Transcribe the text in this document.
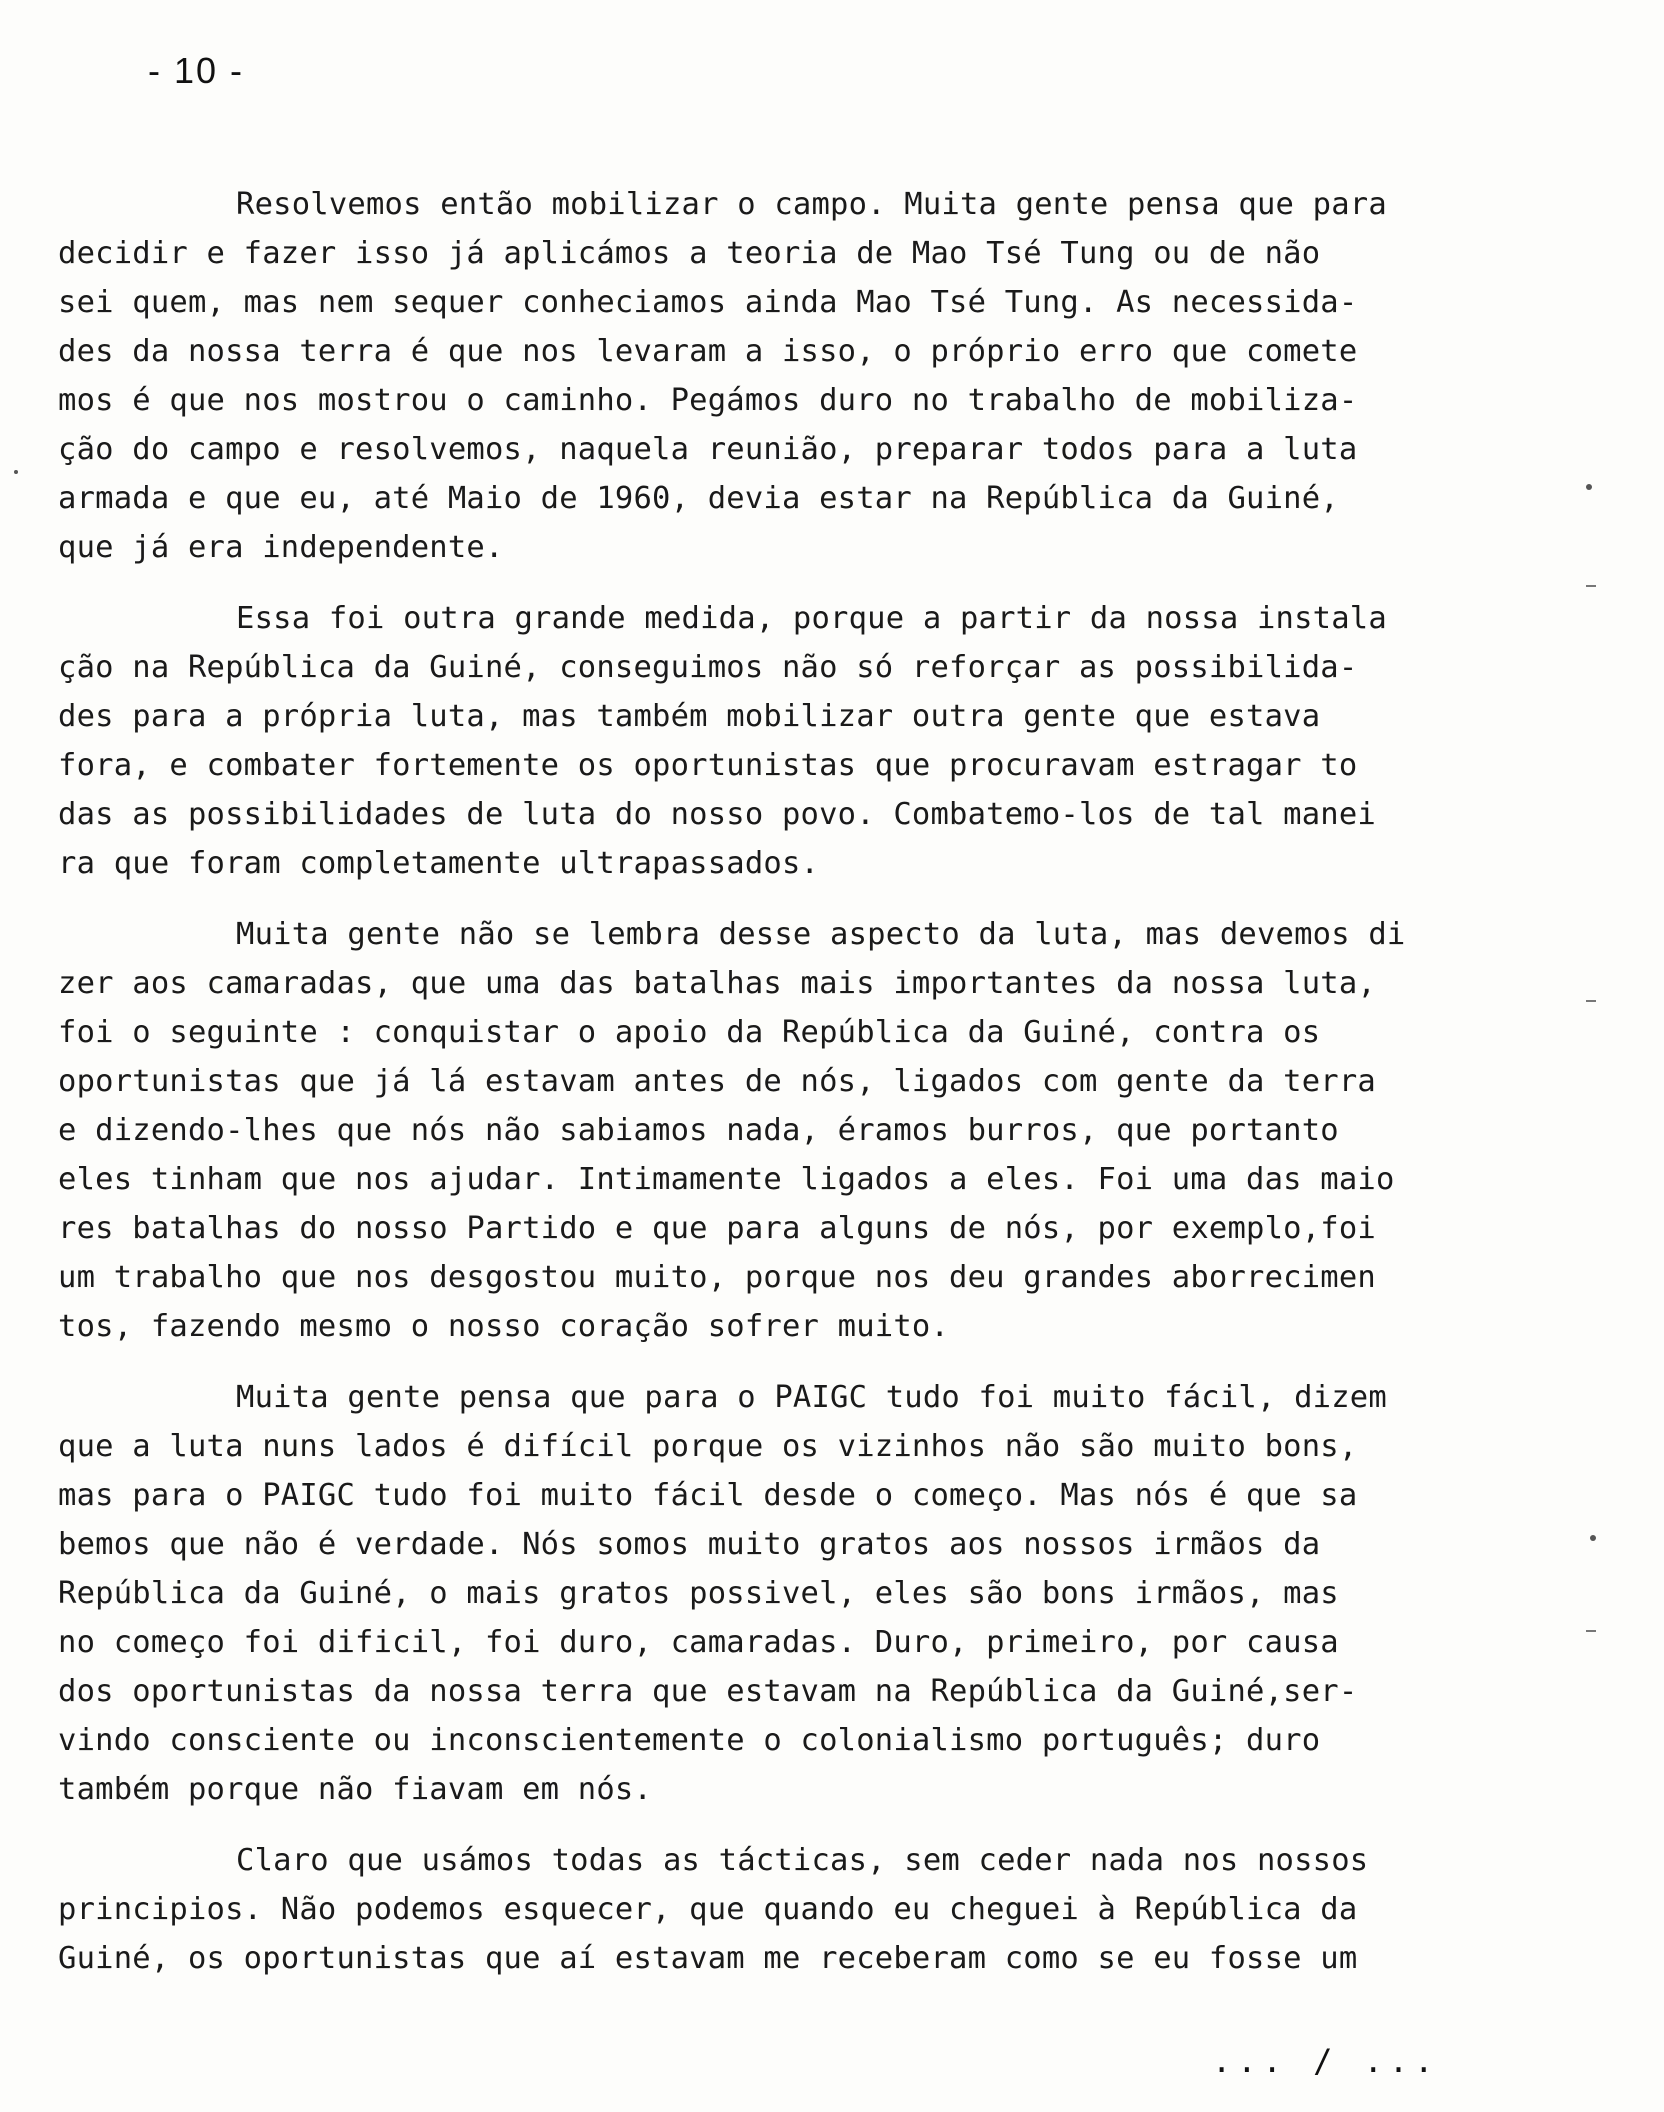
- 10 -
Resolvemos então mobilizar o campo. Muita gente pensa que para
decidir e fazer isso já aplicámos a teoria de Mao Tsé Tung ou de não
sei quem, mas nem sequer conheciamos ainda Mao Tsé Tung. As necessida-
des da nossa terra é que nos levaram a isso, o próprio erro que comete
mos é que nos mostrou o caminho. Pegámos duro no trabalho de mobiliza-
ção do campo e resolvemos, naquela reunião, preparar todos para a luta
armada e que eu, até Maio de 1960, devia estar na República da Guiné,
que já era independente.
Essa foi outra grande medida, porque a partir da nossa instala
ção na República da Guiné, conseguimos não só reforçar as possibilida-
des para a própria luta, mas também mobilizar outra gente que estava
fora, e combater fortemente os oportunistas que procuravam estragar to
das as possibilidades de luta do nosso povo. Combatemo-los de tal manei
ra que foram completamente ultrapassados.
Muita gente não se lembra desse aspecto da luta, mas devemos di
zer aos camaradas, que uma das batalhas mais importantes da nossa luta,
foi o seguinte : conquistar o apoio da República da Guiné, contra os
oportunistas que já lá estavam antes de nós, ligados com gente da terra
e dizendo-lhes que nós não sabiamos nada, éramos burros, que portanto
eles tinham que nos ajudar. Intimamente ligados a eles. Foi uma das maio
res batalhas do nosso Partido e que para alguns de nós, por exemplo,foi
um trabalho que nos desgostou muito, porque nos deu grandes aborrecimen
tos, fazendo mesmo o nosso coração sofrer muito.
Muita gente pensa que para o PAIGC tudo foi muito fácil, dizem
que a luta nuns lados é difícil porque os vizinhos não são muito bons,
mas para o PAIGC tudo foi muito fácil desde o começo. Mas nós é que sa
bemos que não é verdade. Nós somos muito gratos aos nossos irmãos da
República da Guiné, o mais gratos possivel, eles são bons irmãos, mas
no começo foi dificil, foi duro, camaradas. Duro, primeiro, por causa
dos oportunistas da nossa terra que estavam na República da Guiné,ser-
vindo consciente ou inconscientemente o colonialismo português; duro
também porque não fiavam em nós.
Claro que usámos todas as tácticas, sem ceder nada nos nossos
principios. Não podemos esquecer, que quando eu cheguei à República da
Guiné, os oportunistas que aí estavam me receberam como se eu fosse um
... / ...
